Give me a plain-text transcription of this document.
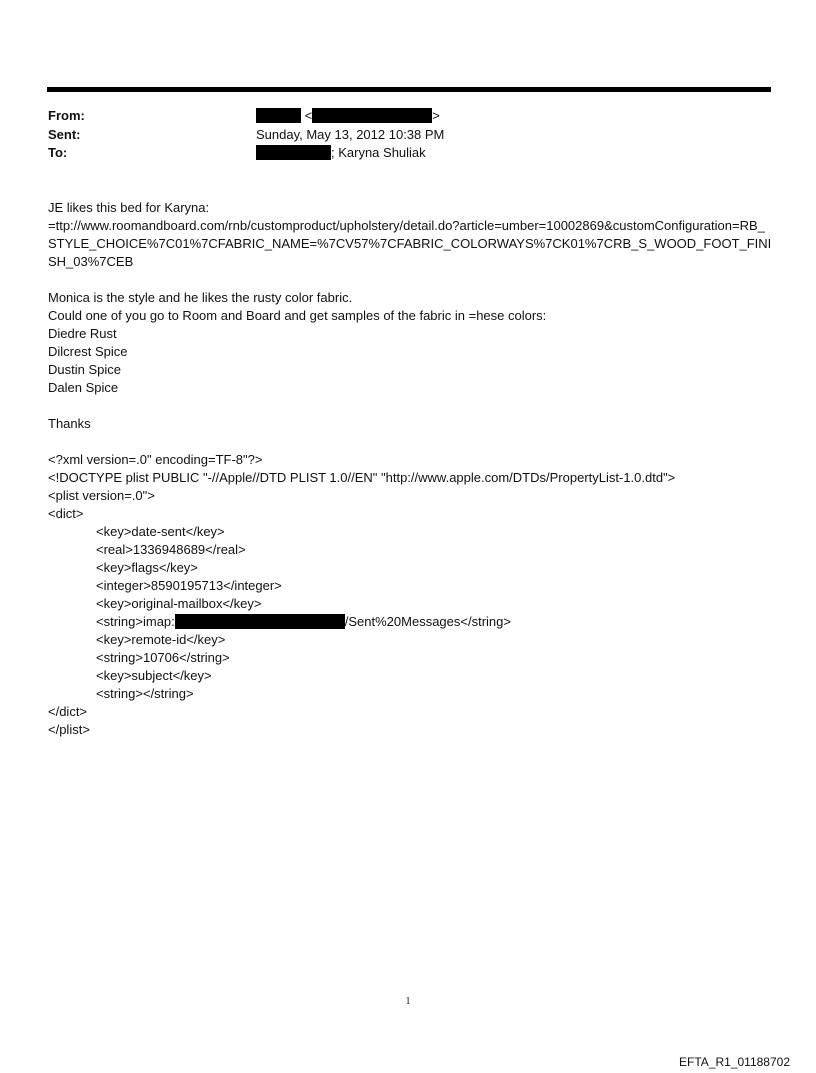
From:	<	>
Sent:	Sunday, May 13, 2012 10:38 PM
To:	; Karyna Shuliak

JE likes this bed for Karyna:

=ttp://www.roomandboard.com/rnb/customproduct/upholstery/detail.do?article=umber=10002869&customConfiguration=RB_STYLE_CHOICE%7C01%7CFABRIC_NAME=%7CV57%7CFABRIC_COLORWAYS%7CK01%7CRB_S_WOOD_FOOT_FINISH_03%7CEB

Monica is the style and he likes the rusty color fabric.

Could one of you go to Room and Board and get samples of the fabric in =hese colors:

Diedre Rust

Dilcrest Spice

Dustin Spice

Dalen Spice

Thanks

<?xml version=.0" encoding=TF-8"?>

<!DOCTYPE plist PUBLIC "-//Apple//DTD PLIST 1.0//EN" "http://www.apple.com/DTDs/PropertyList-1.0.dtd">

<plist version=.0">

<dict>

<key>date-sent</key>

<real>1336948689</real>

<key>flags</key>

<integer>8590195713</integer>

<key>original-mailbox</key>

<string>imap:	/Sent%20Messages</string>

<key>remote-id</key>

<string>10706</string>

<key>subject</key>

<string></string>

</dict>

</plist>

1
EFTA_R1_01188702
